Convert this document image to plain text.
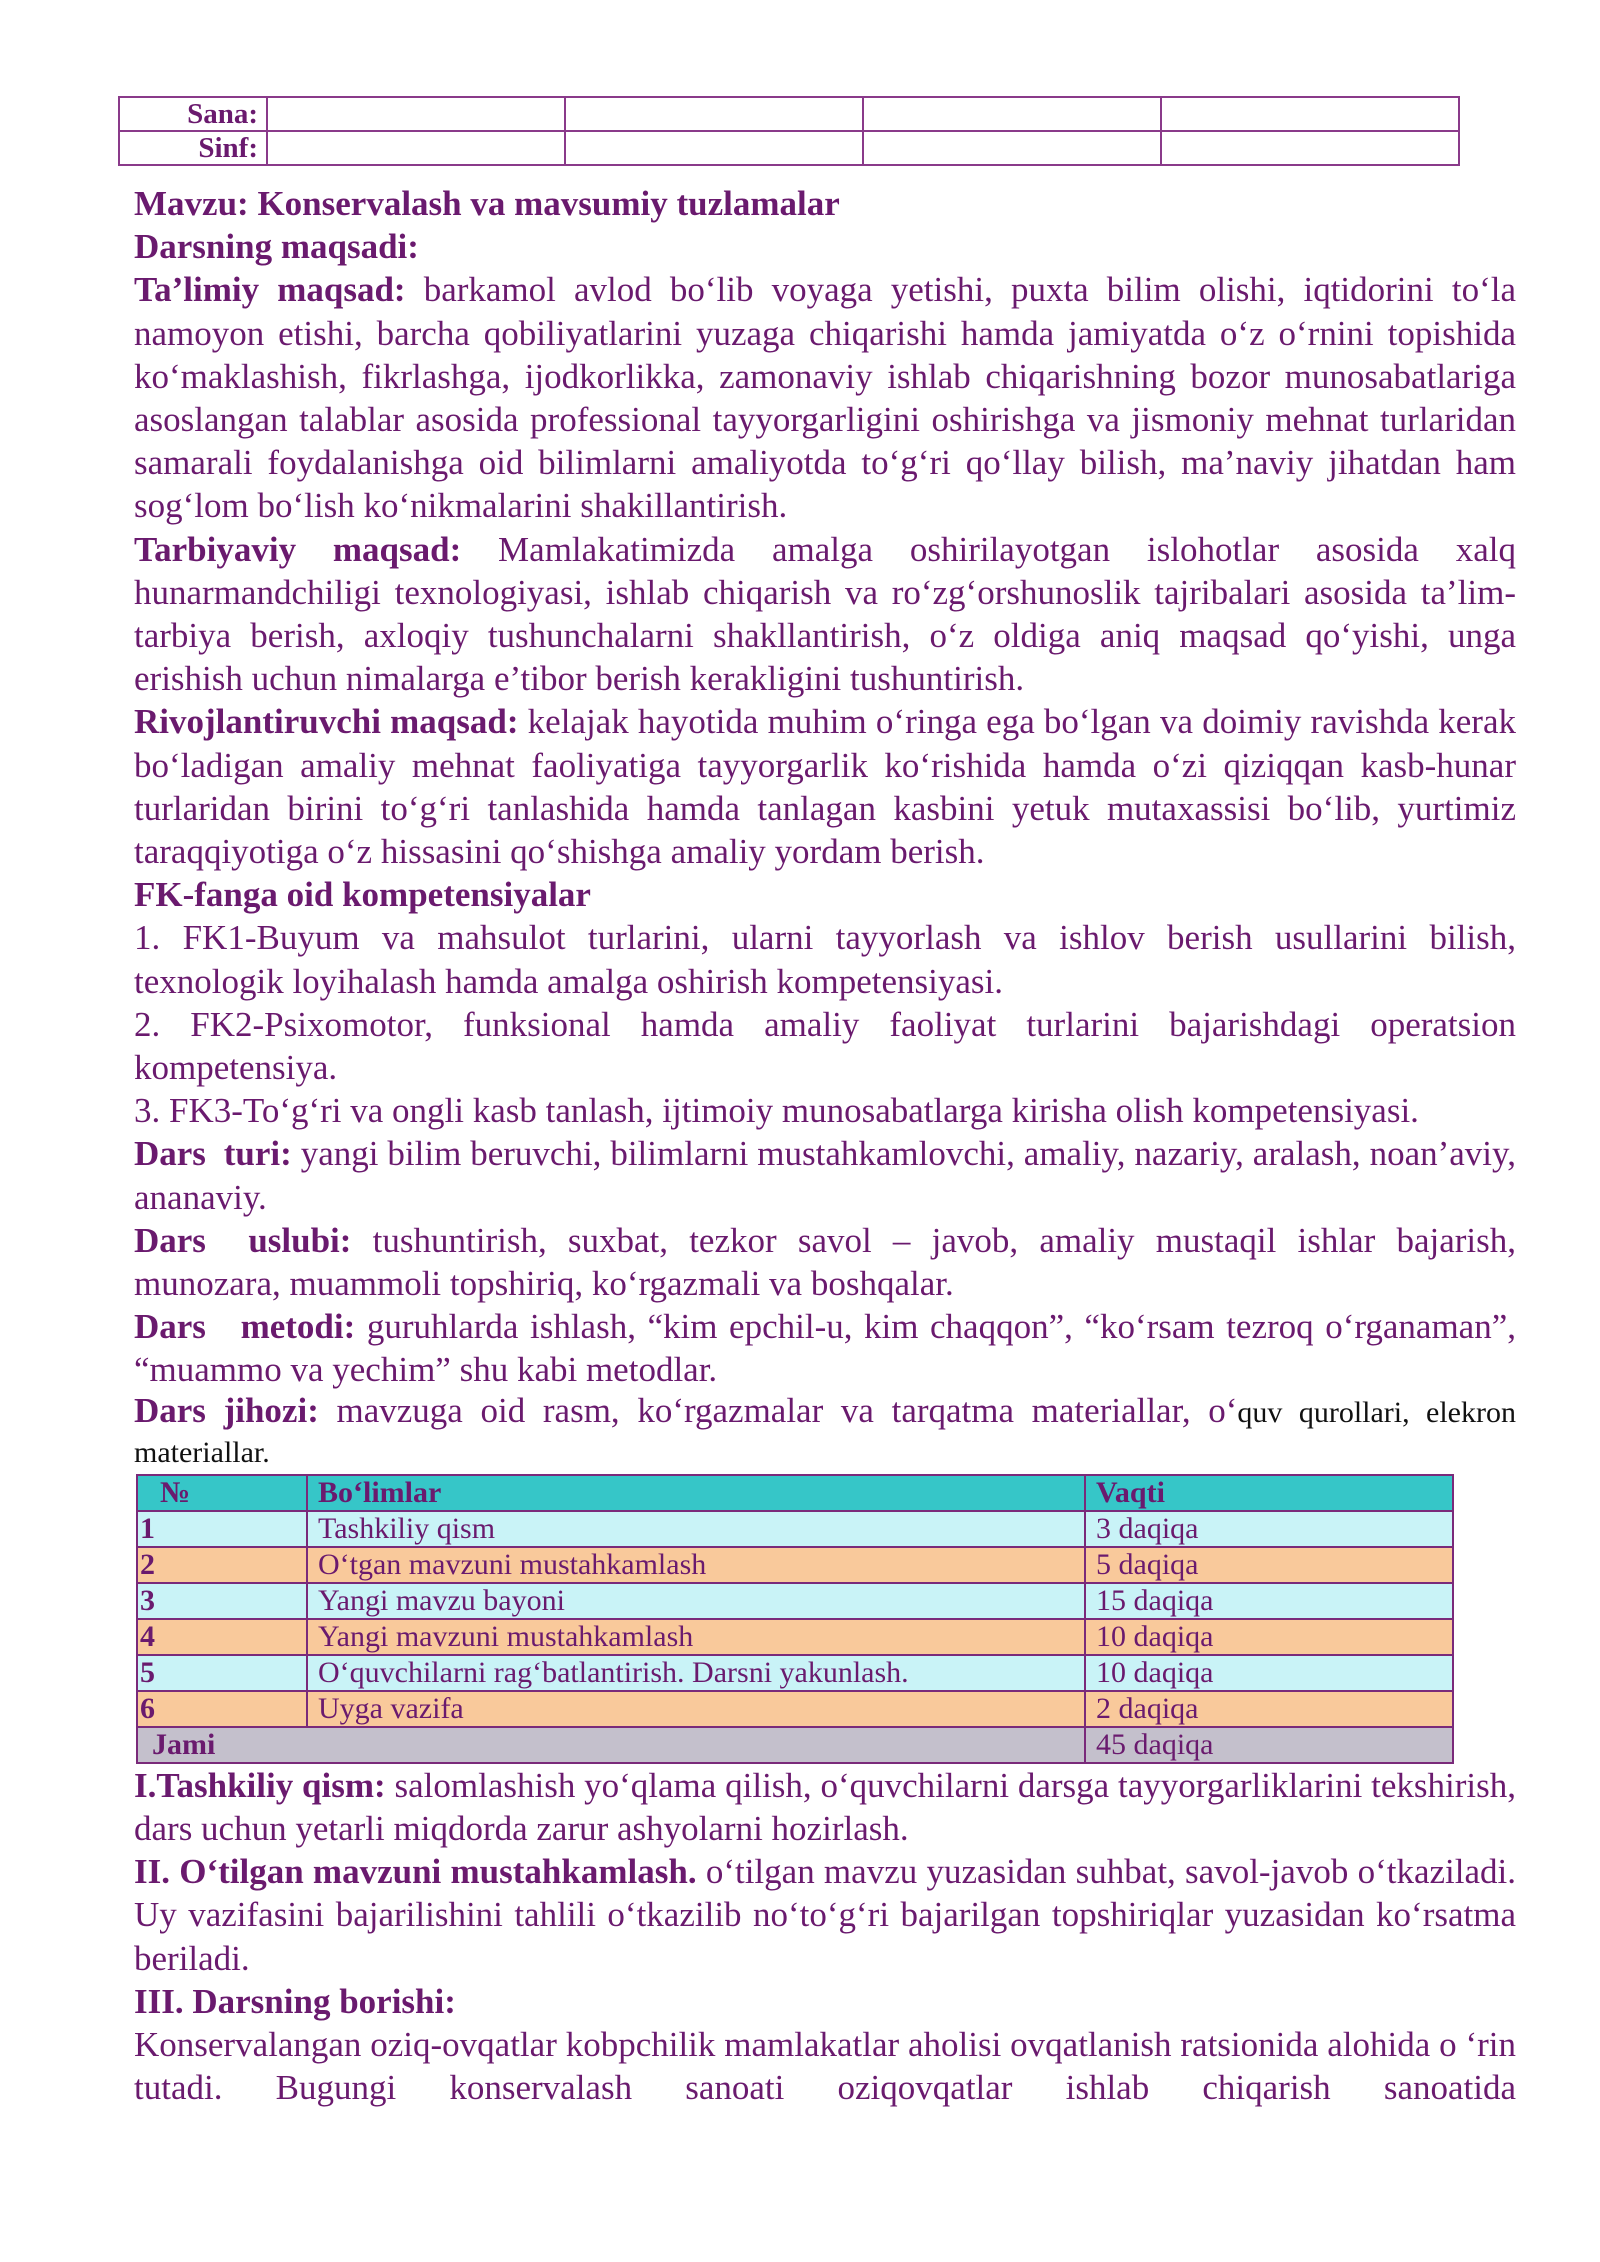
Sana:				
Sinf:				

Mavzu: Konservalash va mavsumiy tuzlamalar

Darsning maqsadi:

Ta’limiy maqsad: barkamol avlod bo‘lib voyaga yetishi, puxta bilim olishi, iqtidorini to‘la namoyon etishi, barcha qobiliyatlarini yuzaga chiqarishi hamda jamiyatda o‘z o‘rnini topishida ko‘maklashish, fikrlashga, ijodkorlikka, zamonaviy ishlab chiqarishning bozor munosabatlariga asoslangan talablar asosida professional tayyorgarligini oshirishga va jismoniy mehnat turlaridan samarali foydalanishga oid bilimlarni amaliyotda to‘g‘ri qo‘llay bilish, ma’naviy jihatdan ham sog‘lom bo‘lish ko‘nikmalarini shakillantirish.

Tarbiyaviy maqsad: Mamlakatimizda amalga oshirilayotgan islohotlar asosida xalq hunarmandchiligi texnologiyasi, ishlab chiqarish va ro‘zg‘orshunoslik tajribalari asosida ta’lim-tarbiya berish, axloqiy tushunchalarni shakllantirish, o‘z oldiga aniq maqsad qo‘yishi, unga erishish uchun nimalarga e’tibor berish kerakligini tushuntirish.

Rivojlantiruvchi maqsad: kelajak hayotida muhim o‘ringa ega bo‘lgan va doimiy ravishda kerak bo‘ladigan amaliy mehnat faoliyatiga tayyorgarlik ko‘rishida hamda o‘zi qiziqqan kasb-hunar turlaridan birini to‘g‘ri tanlashida hamda tanlagan kasbini yetuk mutaxassisi bo‘lib, yurtimiz taraqqiyotiga o‘z hissasini qo‘shishga amaliy yordam berish.

FK-fanga oid kompetensiyalar

1. FK1-Buyum va mahsulot turlarini, ularni tayyorlash va ishlov berish usullarini bilish, texnologik loyihalash hamda amalga oshirish kompetensiyasi.

2. FK2-Psixomotor, funksional hamda amaliy faoliyat turlarini bajarishdagi operatsion kompetensiya.

3. FK3-To‘g‘ri va ongli kasb tanlash, ijtimoiy munosabatlarga kirisha olish kompetensiyasi.

Dars  turi: yangi bilim beruvchi, bilimlarni mustahkamlovchi, amaliy, nazariy, aralash, noan’aviy, ananaviy.

Dars  uslubi: tushuntirish, suxbat, tezkor savol – javob, amaliy mustaqil ishlar bajarish, munozara, muammoli topshiriq, ko‘rgazmali va boshqalar.

Dars   metodi: guruhlarda ishlash, “kim epchil-u, kim chaqqon”, “ko‘rsam tezroq o‘rganaman”, “muammo va yechim” shu kabi metodlar.

Dars jihozi: mavzuga oid rasm, ko‘rgazmalar va tarqatma materiallar, o‘quv qurollari, elekron materiallar.

№	Bo‘limlar	Vaqti
1	Tashkiliy qism	3 daqiqa
2	O‘tgan mavzuni mustahkamlash	5 daqiqa
3	Yangi mavzu bayoni	15 daqiqa
4	Yangi mavzuni mustahkamlash	10 daqiqa
5	O‘quvchilarni rag‘batlantirish. Darsni yakunlash.	10 daqiqa
6	Uyga vazifa	2 daqiqa
Jami		45 daqiqa

I.Tashkiliy qism: salomlashish yo‘qlama qilish, o‘quvchilarni darsga tayyorgarliklarini tekshirish, dars uchun yetarli miqdorda zarur ashyolarni hozirlash.

II. O‘tilgan mavzuni mustahkamlash. o‘tilgan mavzu yuzasidan suhbat, savol-javob o‘tkaziladi. Uy vazifasini bajarilishini tahlili o‘tkazilib no‘to‘g‘ri bajarilgan topshiriqlar yuzasidan ko‘rsatma beriladi.

III. Darsning borishi:

Konservalangan oziq-ovqatlar kobpchilik mamlakatlar aholisi ovqatlanish ratsionida alohida o ‘rin tutadi. Bugungi konservalash sanoati oziqovqatlar ishlab chiqarish sanoatida
